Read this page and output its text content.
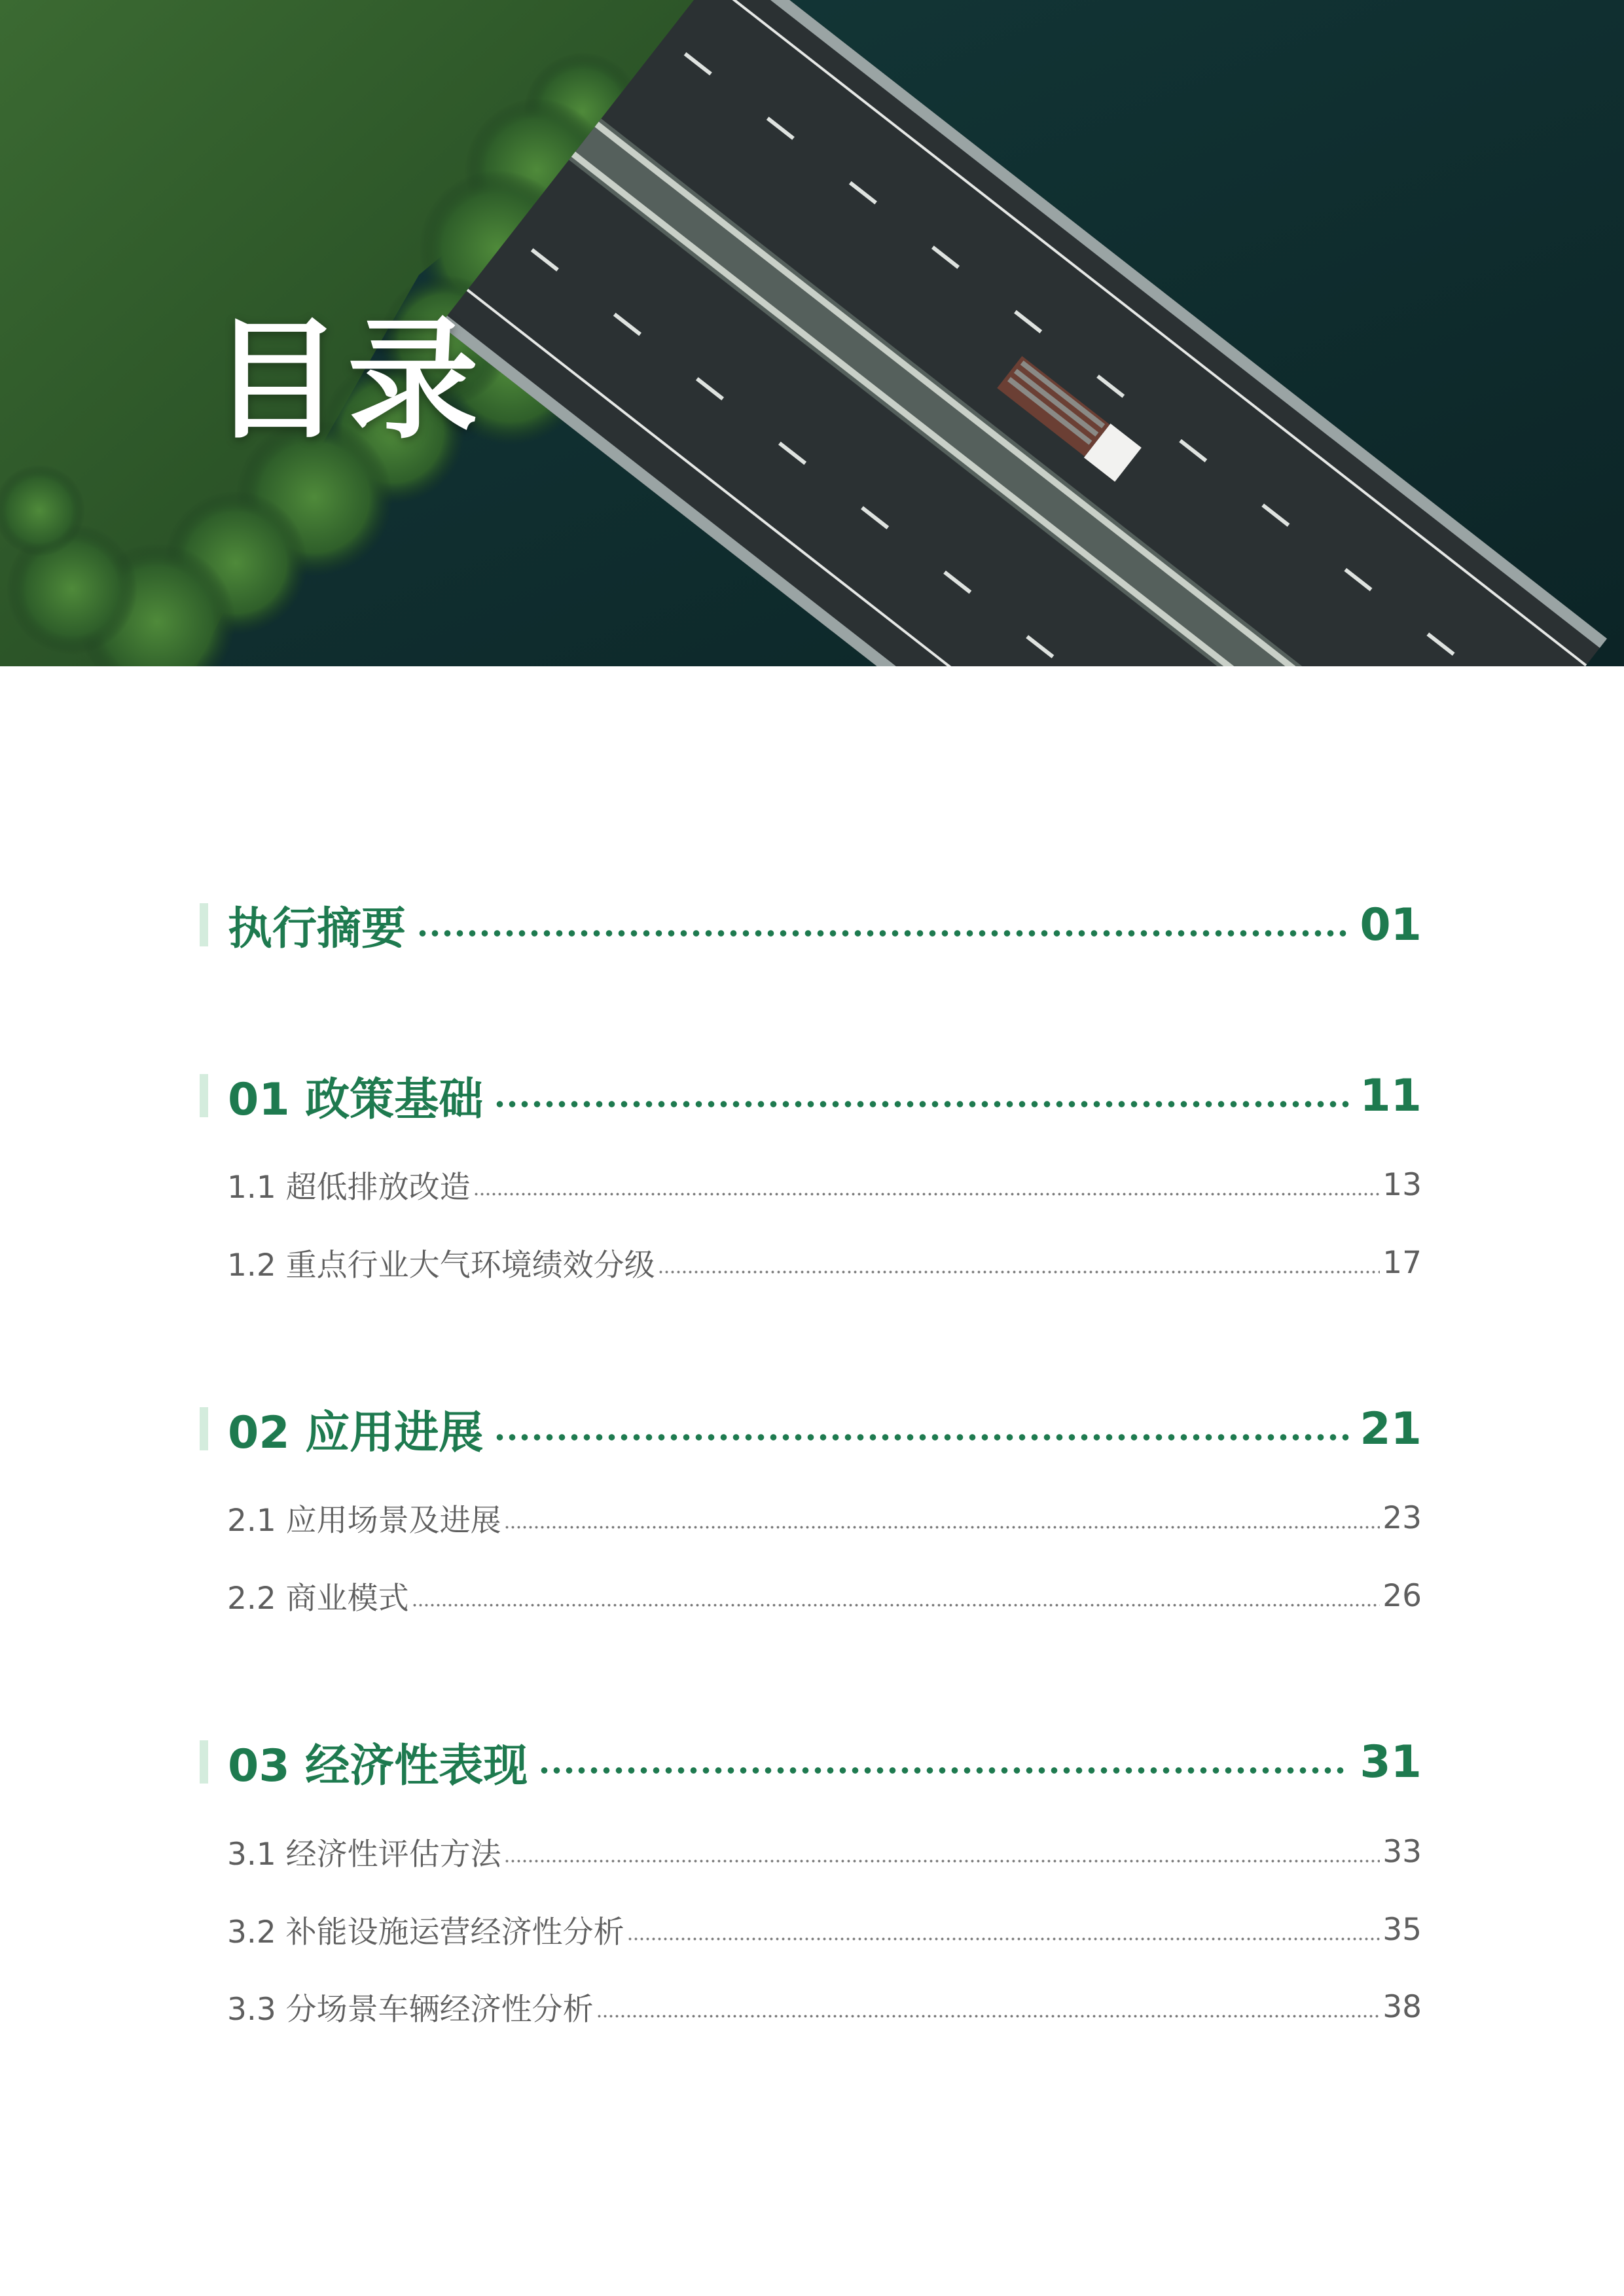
目录
执行摘要	01
01 政策基础	11
1.1 超低排放改造	13
1.2 重点行业大气环境绩效分级	17
02 应用进展	21
2.1 应用场景及进展	23
2.2 商业模式	26
03 经济性表现	31
3.1 经济性评估方法	33
3.2 补能设施运营经济性分析	35
3.3 分场景车辆经济性分析	38
